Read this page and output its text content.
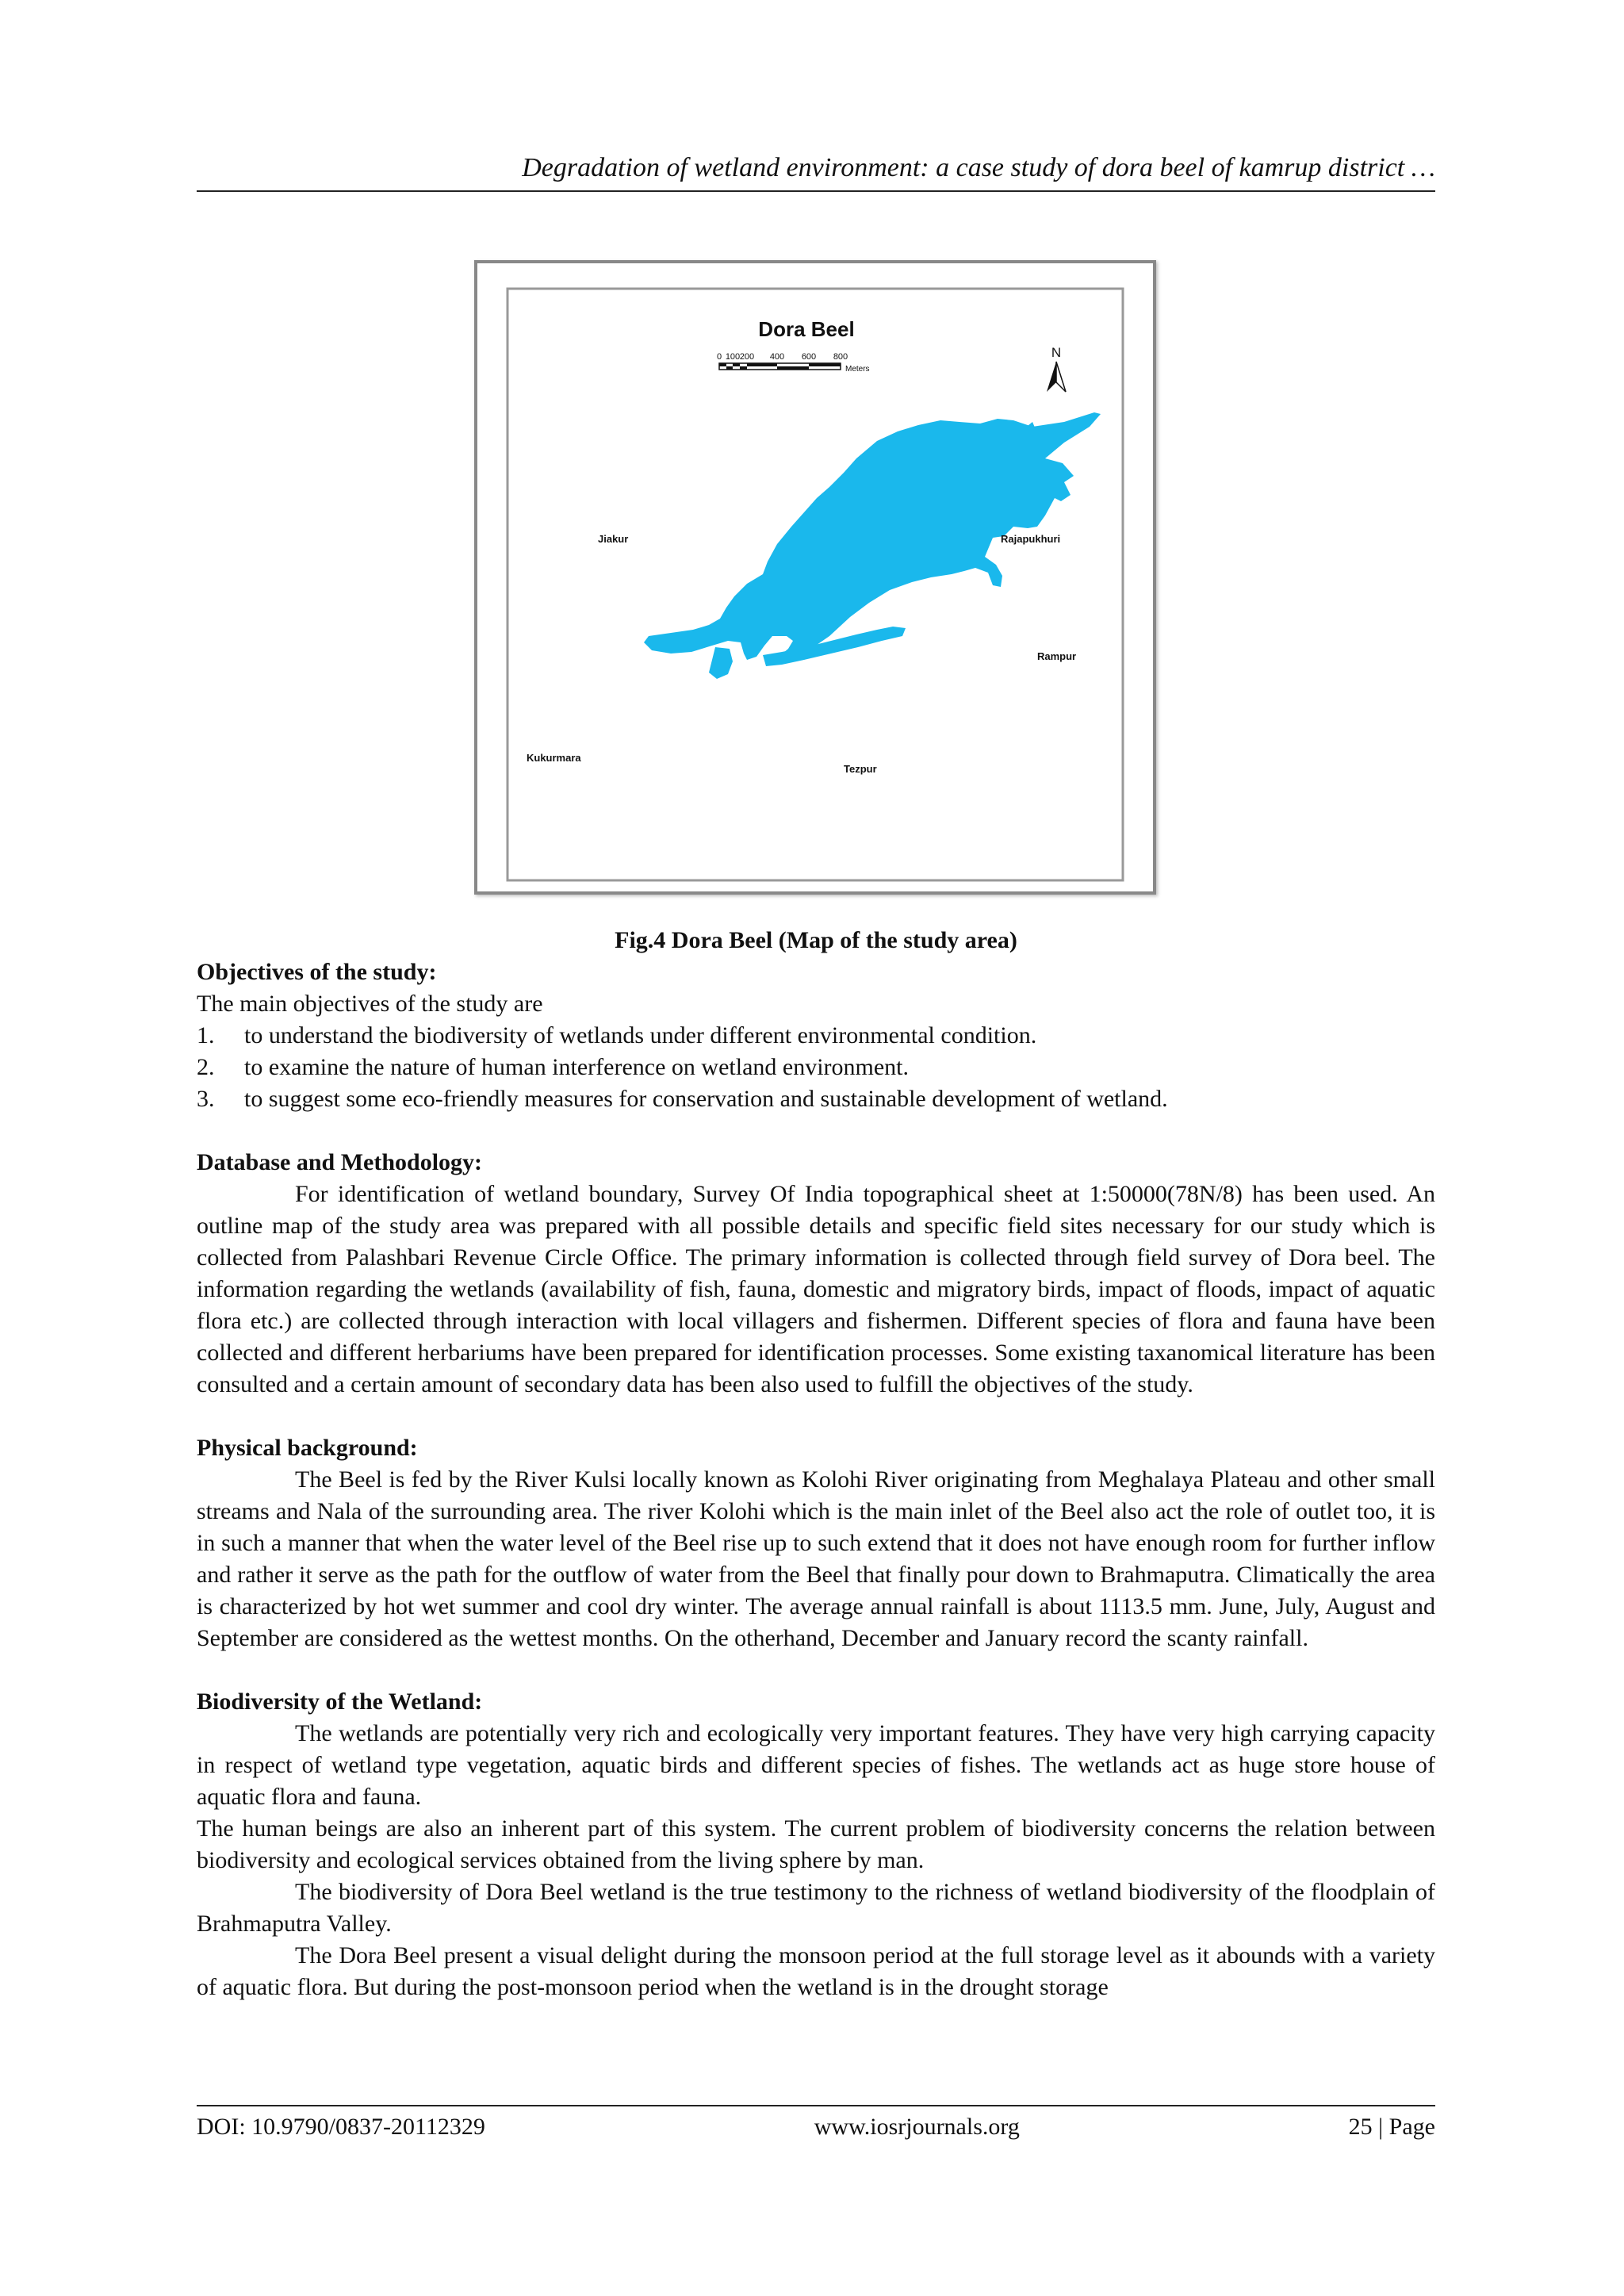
Degradation of wetland environment: a case study of dora beel of kamrup district …
Dora Beel
0 100 200 400 600 800
Meters
N
Jiakur	Rajapukhuri
Rampur
Kukurmara
Tezpur
Fig.4 Dora Beel (Map of the study area)
Objectives of the study:

The main objectives of the study are

1.	to understand the biodiversity of wetlands under different environmental condition.
2.	to examine the nature of human interference on wetland environment.
3.	to suggest some eco-friendly measures for conservation and sustainable development of wetland.
Database and Methodology:

For identification of wetland boundary, Survey Of India topographical sheet at 1:50000(78N/8) has been used. An outline map of the study area was prepared with all possible details and specific field sites necessary for our study which is collected from Palashbari Revenue Circle Office. The primary information is collected through field survey of Dora beel. The information regarding the wetlands (availability of fish, fauna, domestic and migratory birds, impact of floods, impact of aquatic flora etc.) are collected through interaction with local villagers and fishermen. Different species of flora and fauna have been collected and different herbariums have been prepared for identification processes. Some existing taxanomical literature has been consulted and a certain amount of secondary data has been also used to fulfill the objectives of the study.

Physical background:

The Beel is fed by the River Kulsi locally known as Kolohi River originating from Meghalaya Plateau and other small streams and Nala of the surrounding area. The river Kolohi which is the main inlet of the Beel also act the role of outlet too, it is in such a manner that when the water level of the Beel rise up to such extend that it does not have enough room for further inflow and rather it serve as the path for the outflow of water from the Beel that finally pour down to Brahmaputra. Climatically the area is characterized by hot wet summer and cool dry winter. The average annual rainfall is about 1113.5 mm. June, July, August and September are considered as the wettest months. On the otherhand, December and January record the scanty rainfall.

Biodiversity of the Wetland:

The wetlands are potentially very rich and ecologically very important features. They have very high carrying capacity in respect of wetland type vegetation, aquatic birds and different species of fishes. The wetlands act as huge store house of aquatic flora and fauna.

The human beings are also an inherent part of this system. The current problem of biodiversity concerns the relation between biodiversity and ecological services obtained from the living sphere by man.

The biodiversity of Dora Beel wetland is the true testimony to the richness of wetland biodiversity of the floodplain of Brahmaputra Valley.

The Dora Beel present a visual delight during the monsoon period at the full storage level as it abounds with a variety of aquatic flora. But during the post-monsoon period when the wetland is in the drought storage

DOI: 10.9790/0837-20112329	www.iosrjournals.org	25 | Page
